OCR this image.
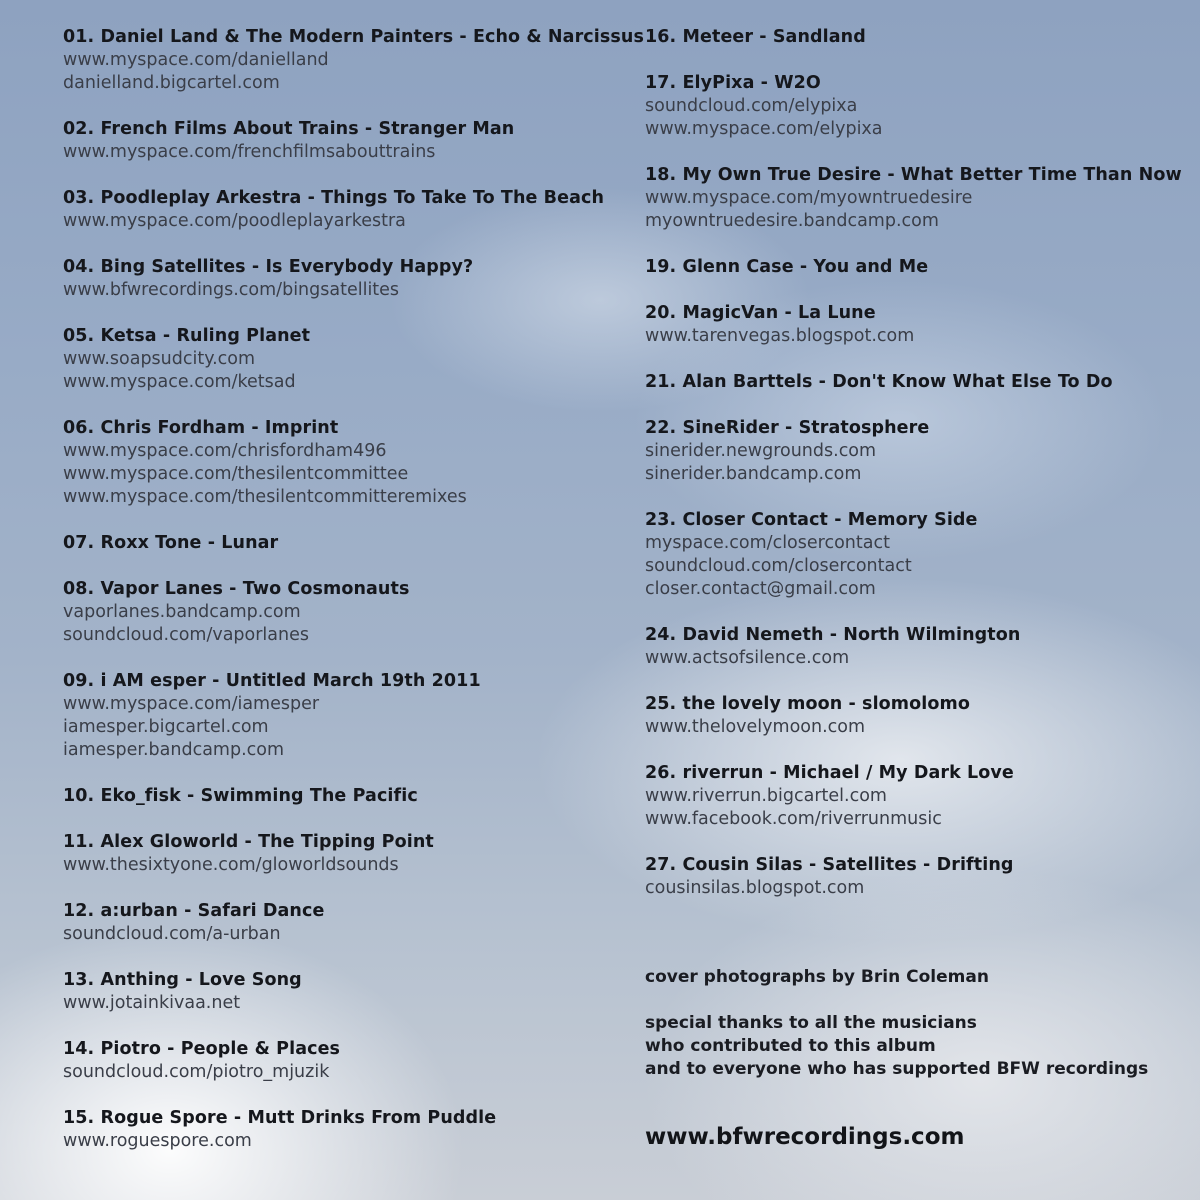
01. Daniel Land & The Modern Painters - Echo & Narcissus
www.myspace.com/danielland
danielland.bigcartel.com
02. French Films About Trains - Stranger Man
www.myspace.com/frenchfilmsabouttrains
03. Poodleplay Arkestra - Things To Take To The Beach
www.myspace.com/poodleplayarkestra
04. Bing Satellites - Is Everybody Happy?
www.bfwrecordings.com/bingsatellites
05. Ketsa - Ruling Planet
www.soapsudcity.com
www.myspace.com/ketsad
06. Chris Fordham - Imprint
www.myspace.com/chrisfordham496
www.myspace.com/thesilentcommittee
www.myspace.com/thesilentcommitteremixes
07. Roxx Tone - Lunar
08. Vapor Lanes - Two Cosmonauts
vaporlanes.bandcamp.com
soundcloud.com/vaporlanes
09. i AM esper - Untitled March 19th 2011
www.myspace.com/iamesper
iamesper.bigcartel.com
iamesper.bandcamp.com
10. Eko_fisk - Swimming The Pacific
11. Alex Gloworld - The Tipping Point
www.thesixtyone.com/gloworldsounds
12. a:urban - Safari Dance
soundcloud.com/a-urban
13. Anthing - Love Song
www.jotainkivaa.net
14. Piotro - People & Places
soundcloud.com/piotro_mjuzik
15. Rogue Spore - Mutt Drinks From Puddle
www.roguespore.com
16. Meteer - Sandland
17. ElyPixa - W2O
soundcloud.com/elypixa
www.myspace.com/elypixa
18. My Own True Desire - What Better Time Than Now
www.myspace.com/myowntruedesire
myowntruedesire.bandcamp.com
19. Glenn Case - You and Me
20. MagicVan - La Lune
www.tarenvegas.blogspot.com
21. Alan Barttels - Don't Know What Else To Do
22. SineRider - Stratosphere
sinerider.newgrounds.com
sinerider.bandcamp.com
23. Closer Contact - Memory Side
myspace.com/closercontact
soundcloud.com/closercontact
closer.contact@gmail.com
24. David Nemeth - North Wilmington
www.actsofsilence.com
25. the lovely moon - slomolomo
www.thelovelymoon.com
26. riverrun - Michael / My Dark Love
www.riverrun.bigcartel.com
www.facebook.com/riverrunmusic
27. Cousin Silas - Satellites - Drifting
cousinsilas.blogspot.com
cover photographs by Brin Coleman
special thanks to all the musicians
who contributed to this album
and to everyone who has supported BFW recordings
www.bfwrecordings.com
